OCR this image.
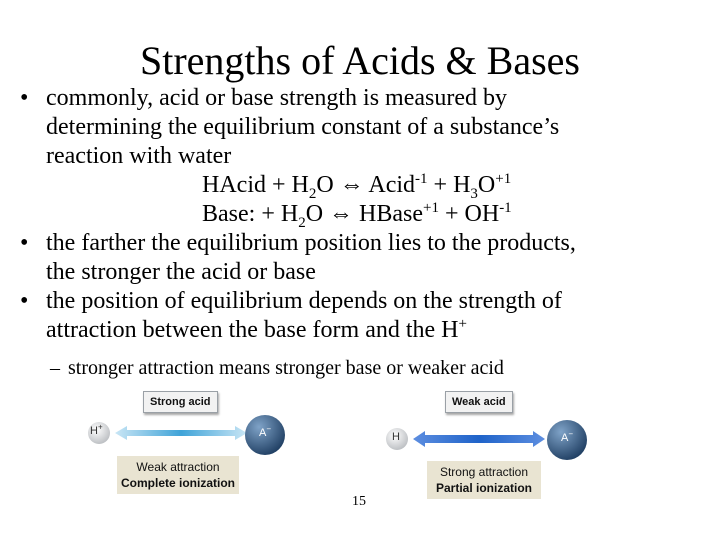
Strengths of Acids & Bases
• commonly, acid or base strength is measured by
determining the equilibrium constant of a substance’s
reaction with water
HAcid + $H_2O$ ⇔ Acid$^{-1}$ + $H_3O^{+1}$
Base: + $H_2O$ ⇔ HBase$^{+1}$ + $OH^{-1}$
• the farther the equilibrium position lies to the products,
the stronger the acid or base
• the position of equilibrium depends on the strength of
attraction between the base form and the H+
– stronger attraction means stronger base or weaker acid
Strong acid
H+
A−
Weak attraction
Complete ionization
Weak acid
H	A−
Strong attraction
Partial ionization
15
